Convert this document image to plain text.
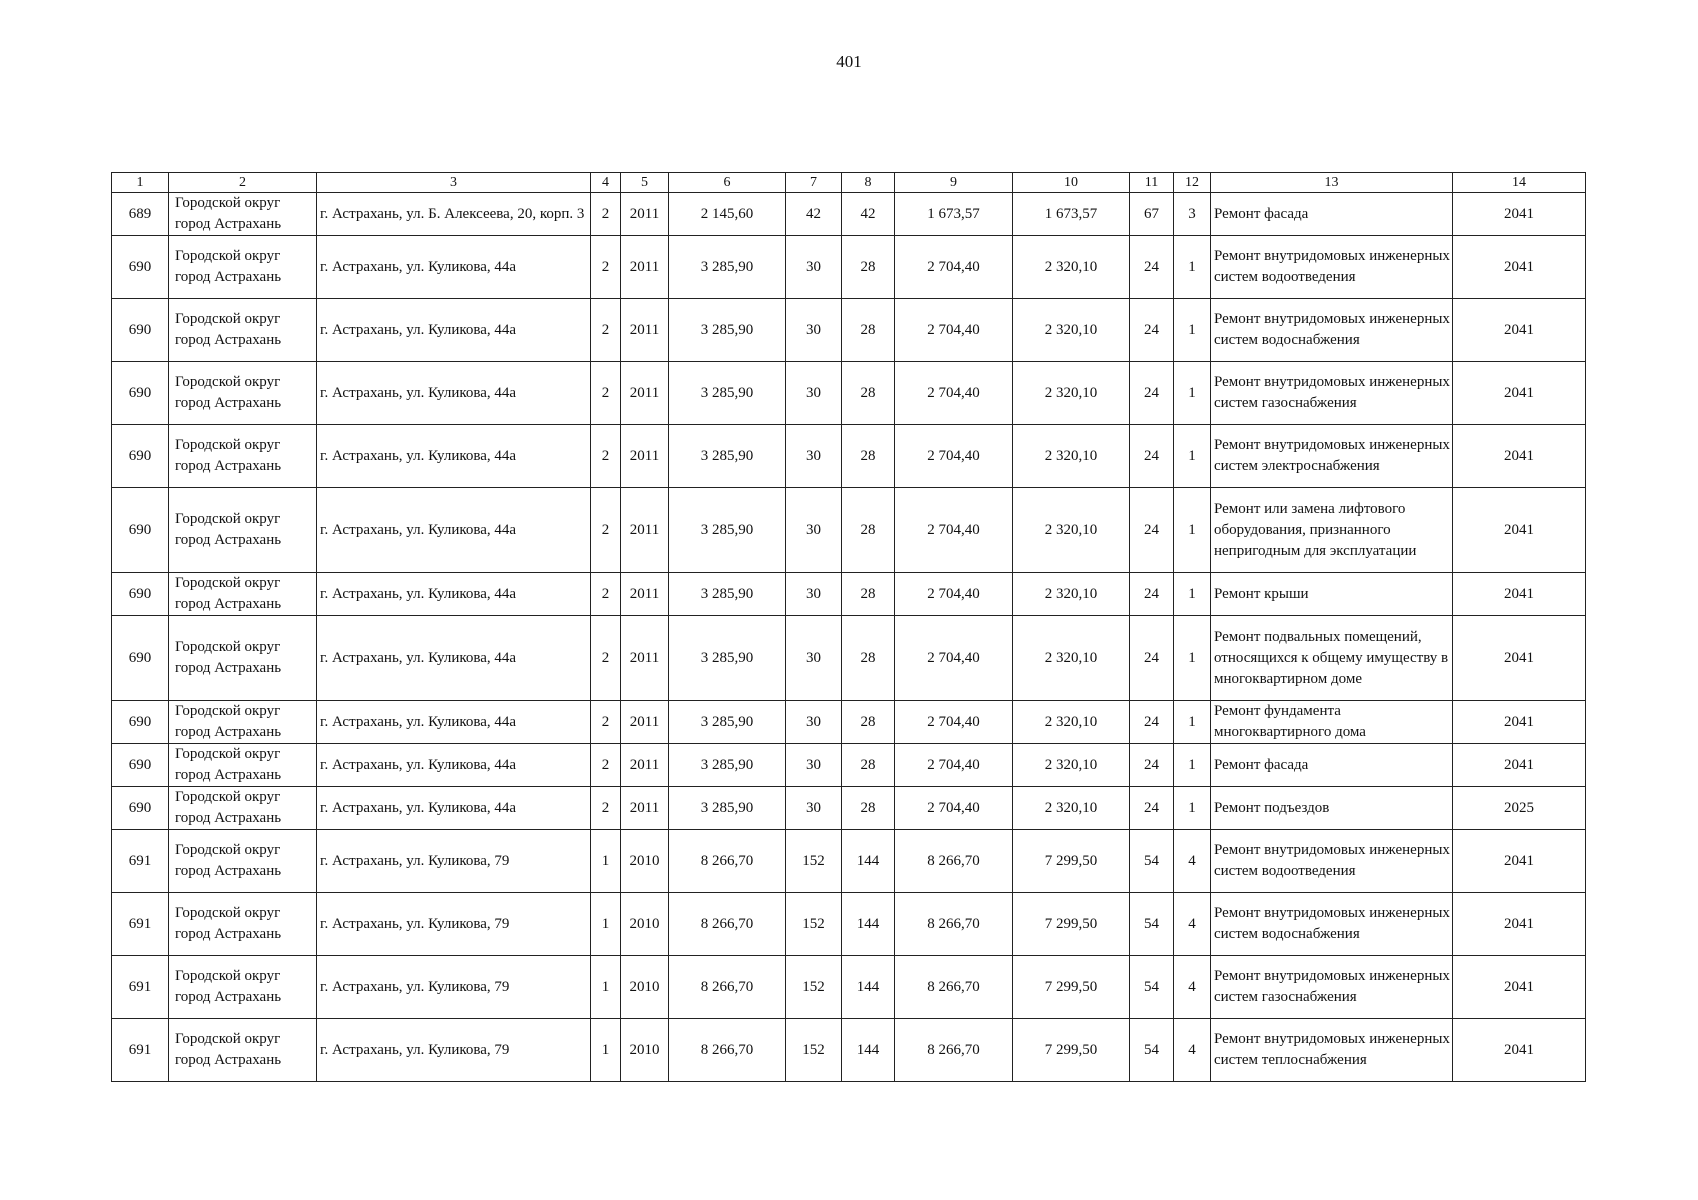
401
1	2	3	4	5	6	7	8	9	10	11	12	13	14
689	Городской округ город Астрахань	г. Астрахань, ул. Б. Алексеева, 20, корп. 3	2	2011	2 145,60	42	42	1 673,57	1 673,57	67	3	Ремонт фасада	2041
690	Городской округ город Астрахань	г. Астрахань, ул. Куликова, 44а	2	2011	3 285,90	30	28	2 704,40	2 320,10	24	1	Ремонт внутридомовых инженерных систем водоотведения	2041
690	Городской округ город Астрахань	г. Астрахань, ул. Куликова, 44а	2	2011	3 285,90	30	28	2 704,40	2 320,10	24	1	Ремонт внутридомовых инженерных систем водоснабжения	2041
690	Городской округ город Астрахань	г. Астрахань, ул. Куликова, 44а	2	2011	3 285,90	30	28	2 704,40	2 320,10	24	1	Ремонт внутридомовых инженерных систем газоснабжения	2041
690	Городской округ город Астрахань	г. Астрахань, ул. Куликова, 44а	2	2011	3 285,90	30	28	2 704,40	2 320,10	24	1	Ремонт внутридомовых инженерных систем электроснабжения	2041
690	Городской округ город Астрахань	г. Астрахань, ул. Куликова, 44а	2	2011	3 285,90	30	28	2 704,40	2 320,10	24	1	Ремонт или замена лифтового оборудования, признанного непригодным для эксплуатации	2041
690	Городской округ город Астрахань	г. Астрахань, ул. Куликова, 44а	2	2011	3 285,90	30	28	2 704,40	2 320,10	24	1	Ремонт крыши	2041
690	Городской округ город Астрахань	г. Астрахань, ул. Куликова, 44а	2	2011	3 285,90	30	28	2 704,40	2 320,10	24	1	Ремонт подвальных помещений, относящихся к общему имуществу в многоквартирном доме	2041
690	Городской округ город Астрахань	г. Астрахань, ул. Куликова, 44а	2	2011	3 285,90	30	28	2 704,40	2 320,10	24	1	Ремонт фундамента многоквартирного дома	2041
690	Городской округ город Астрахань	г. Астрахань, ул. Куликова, 44а	2	2011	3 285,90	30	28	2 704,40	2 320,10	24	1	Ремонт фасада	2041
690	Городской округ город Астрахань	г. Астрахань, ул. Куликова, 44а	2	2011	3 285,90	30	28	2 704,40	2 320,10	24	1	Ремонт подъездов	2025
691	Городской округ город Астрахань	г. Астрахань, ул. Куликова, 79	1	2010	8 266,70	152	144	8 266,70	7 299,50	54	4	Ремонт внутридомовых инженерных систем водоотведения	2041
691	Городской округ город Астрахань	г. Астрахань, ул. Куликова, 79	1	2010	8 266,70	152	144	8 266,70	7 299,50	54	4	Ремонт внутридомовых инженерных систем водоснабжения	2041
691	Городской округ город Астрахань	г. Астрахань, ул. Куликова, 79	1	2010	8 266,70	152	144	8 266,70	7 299,50	54	4	Ремонт внутридомовых инженерных систем газоснабжения	2041
691	Городской округ город Астрахань	г. Астрахань, ул. Куликова, 79	1	2010	8 266,70	152	144	8 266,70	7 299,50	54	4	Ремонт внутридомовых инженерных систем теплоснабжения	2041
